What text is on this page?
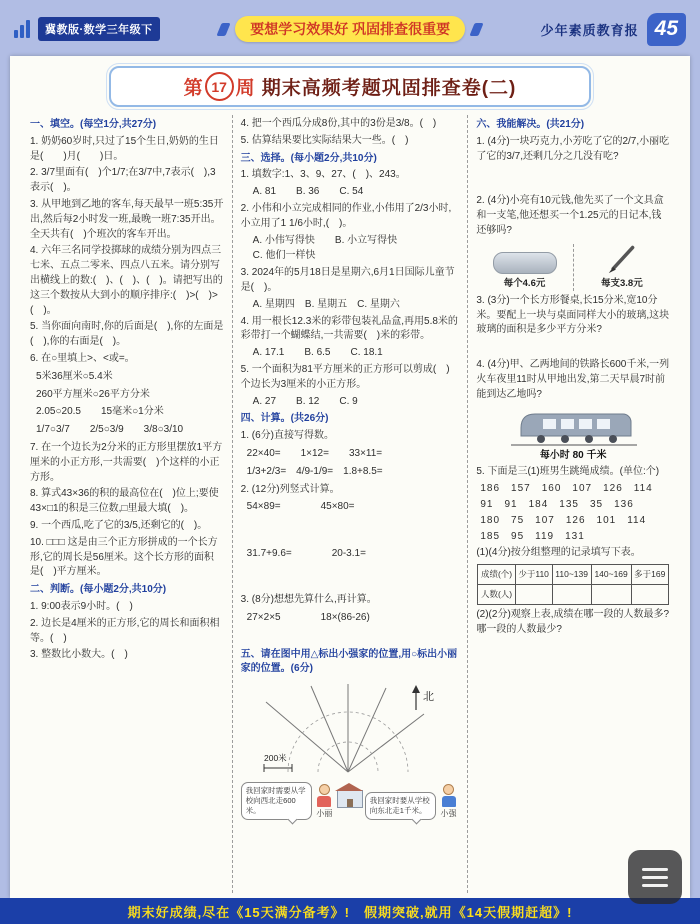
冀教版·数学三年级下	要想学习效果好 巩固排查很重要	少年素质教育报 45
第 17 周 期末高频考题巩固排查卷(二)

一、填空。(每空1分,共27分)

1. 奶奶60岁时,只过了15个生日,奶奶的生日是(　　)月(　　)日。

2. 3/7里面有(　)个1/7;在3/7中,7表示(　),3表示(　)。

3. 从甲地到乙地的客车,每天最早一班5:35开出,然后每2小时发一班,最晚一班7:35开出。全天共有(　)个班次的客车开出。

4. 六年三名同学投掷球的成绩分别为四点三七米、五点二零米、四点八五米。请分别写出横线上的数:(　)、(　)、(　)。请把写出的这三个数按从大到小的顺序排序:(　)>(　)>(　)。

5. 当你面向南时,你的后面是(　),你的左面是(　),你的右面是(　)。

6. 在○里填上>、<或=。

5米36厘米○5.4米

260平方厘米○26平方分米

2.05○20.5　　15毫米○1分米

1/7○3/7　　2/5○3/9　　3/8○3/10

7. 在一个边长为2分米的正方形里摆放1平方厘米的小正方形,一共需要(　)个这样的小正方形。

8. 算式43×36的积的最高位在(　)位上;要使43×□1的积是三位数,□里最大填(　)。

9. 一个西瓜,吃了它的3/5,还剩它的(　)。

10. □□□ 这是由三个正方形拼成的一个长方形,它的周长是56厘米。这个长方形的面积是(　)平方厘米。

二、判断。(每小题2分,共10分)

1. 9:00表示9小时。(　)

2. 边长是4厘米的正方形,它的周长和面积相等。(　)

3. 整数比小数大。(　)

4. 把一个西瓜分成8份,其中的3份是3/8。(　)

5. 估算结果要比实际结果大一些。(　)

三、选择。(每小题2分,共10分)

1. 填数字:1、3、9、27、(　)、243。

A. 81　　B. 36　　C. 54

2. 小伟和小立完成相同的作业,小伟用了2/3小时,小立用了1 1/6小时,(　)。

A. 小伟写得快　　B. 小立写得快

C. 他们一样快

3. 2024年的5月18日是星期六,6月1日国际儿童节是(　)。

A. 星期四　B. 星期五　C. 星期六

4. 用一根长12.3米的彩带包装礼品盒,再用5.8米的彩带打一个蝴蝶结,一共需要(　)米的彩带。

A. 17.1　　B. 6.5　　C. 18.1

5. 一个面积为81平方厘米的正方形可以剪成(　)个边长为3厘米的小正方形。

A. 27　　B. 12　　C. 9

四、计算。(共26分)

1. (6分)直接写得数。

22×40=　　1×12=　　33×11=

1/3+2/3=　4/9-1/9=　1.8+8.5=

2. (12分)列竖式计算。

54×89=　　　　45×80=

31.7+9.6=　　　　20-3.1=

3. (8分)想想先算什么,再计算。

27×2×5　　　　18×(86-26)

五、请在图中用△标出小强家的位置,用○标出小丽家的位置。(6分)

北
200米
我回家时需要从学校向西北走600米。	小丽
我回家时要从学校向东北走1千米。	小强

六、我能解决。(共21分)

1. (4分)一块巧克力,小芳吃了它的2/7,小丽吃了它的3/7,还剩几分之几没有吃?

2. (4分)小亮有10元钱,他先买了一个文具盒和一支笔,他还想买一个1.25元的日记本,钱还够吗?

每个4.6元	每支3.8元

3. (3分)一个长方形餐桌,长15分米,宽10分米。要配上一块与桌面同样大小的玻璃,这块玻璃的面积是多少平方分米?

4. (4分)甲、乙两地间的铁路长600千米,一列火车夜里11时从甲地出发,第二天早晨7时前能到达乙地吗?

每小时 80 千米

5. 下面是三(1)班男生跳绳成绩。(单位:个)

186　157　160　107　126　114

91　91　184　135　35　136

180　75　107　126　101　114

185　95　119　131

(1)(4分)按分组整理的记录填写下表。

成绩(个)	少于110	110~139	140~169	多于169
人数(人)				

(2)(2分)观察上表,成绩在哪一段的人数最多?哪一段的人数最少?

期末好成绩,尽在《15天满分备考》!　假期突破,就用《14天假期赶超》!
